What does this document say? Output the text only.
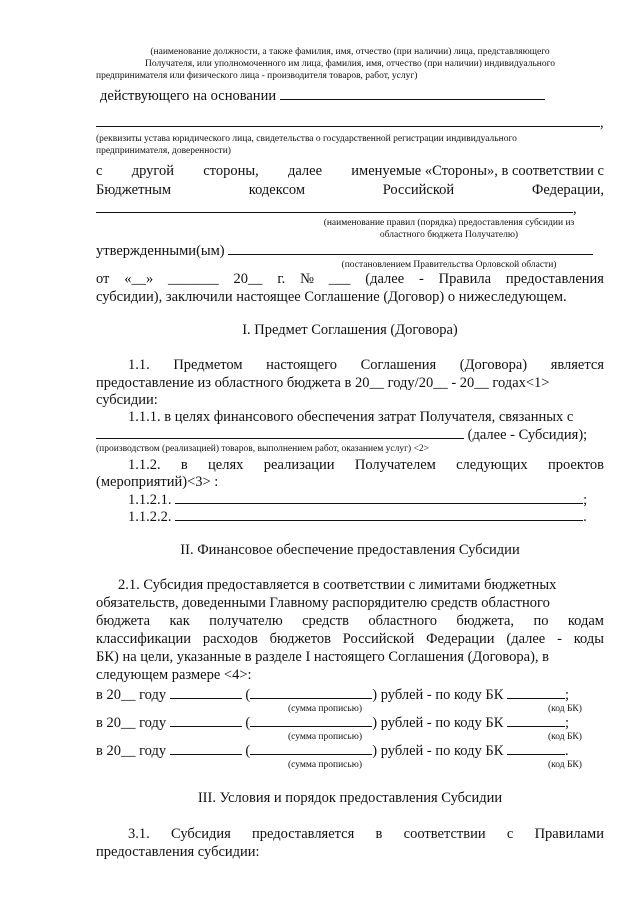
(наименование должности, а также фамилия, имя, отчество (при наличии) лица, представляющего
Получателя, или уполномоченного им лица, фамилия, имя, отчество (при наличии) индивидуального
предпринимателя или физического лица - производителя товаров, работ, услуг)
действующего на основании
,
(реквизиты устава юридического лица, свидетельства о государственной регистрации индивидуального
предпринимателя, доверенности)
с другой стороны, далее именуемые «Стороны», в соответствии с
Бюджетным	кодексом	Российской	Федерации,
,
(наименование правил (порядка) предоставления субсидии из
областного бюджета Получателю)
утвержденными(ым)
(постановлением Правительства Орловской области)
от «__» _______ 20__ г. № ___ (далее - Правила предоставления
субсидии), заключили настоящее Соглашение (Договор) о нижеследующем.
I. Предмет Соглашения (Договора)
1.1. Предметом настоящего Соглашения (Договора) является
предоставление из областного бюджета в 20__ году/20__ - 20__ годах<1>
субсидии:
1.1.1. в целях финансового обеспечения затрат Получателя, связанных с
(далее - Субсидия);
(производством (реализацией) товаров, выполнением работ, оказанием услуг) <2>
1.1.2. в целях реализации Получателем следующих проектов
(мероприятий)<3> :
1.1.2.1.	;
1.1.2.2.	.
II. Финансовое обеспечение предоставления Субсидии
2.1. Субсидия предоставляется в соответствии с лимитами бюджетных
обязательств, доведенными Главному распорядителю средств областного
бюджета как получателю средств областного бюджета, по кодам
классификации расходов бюджетов Российской Федерации (далее - коды
БК) на цели, указанные в разделе I настоящего Соглашения (Договора), в
следующем размере <4>:
в 20__ году	(	) рублей - по коду БК	;
(сумма прописью)	(код БК)
в 20__ году	(	) рублей - по коду БК	;
(сумма прописью)	(код БК)
в 20__ году	(	) рублей - по коду БК	.
(сумма прописью)	(код БК)
III. Условия и порядок предоставления Субсидии
3.1. Субсидия предоставляется в соответствии с Правилами
предоставления субсидии:
